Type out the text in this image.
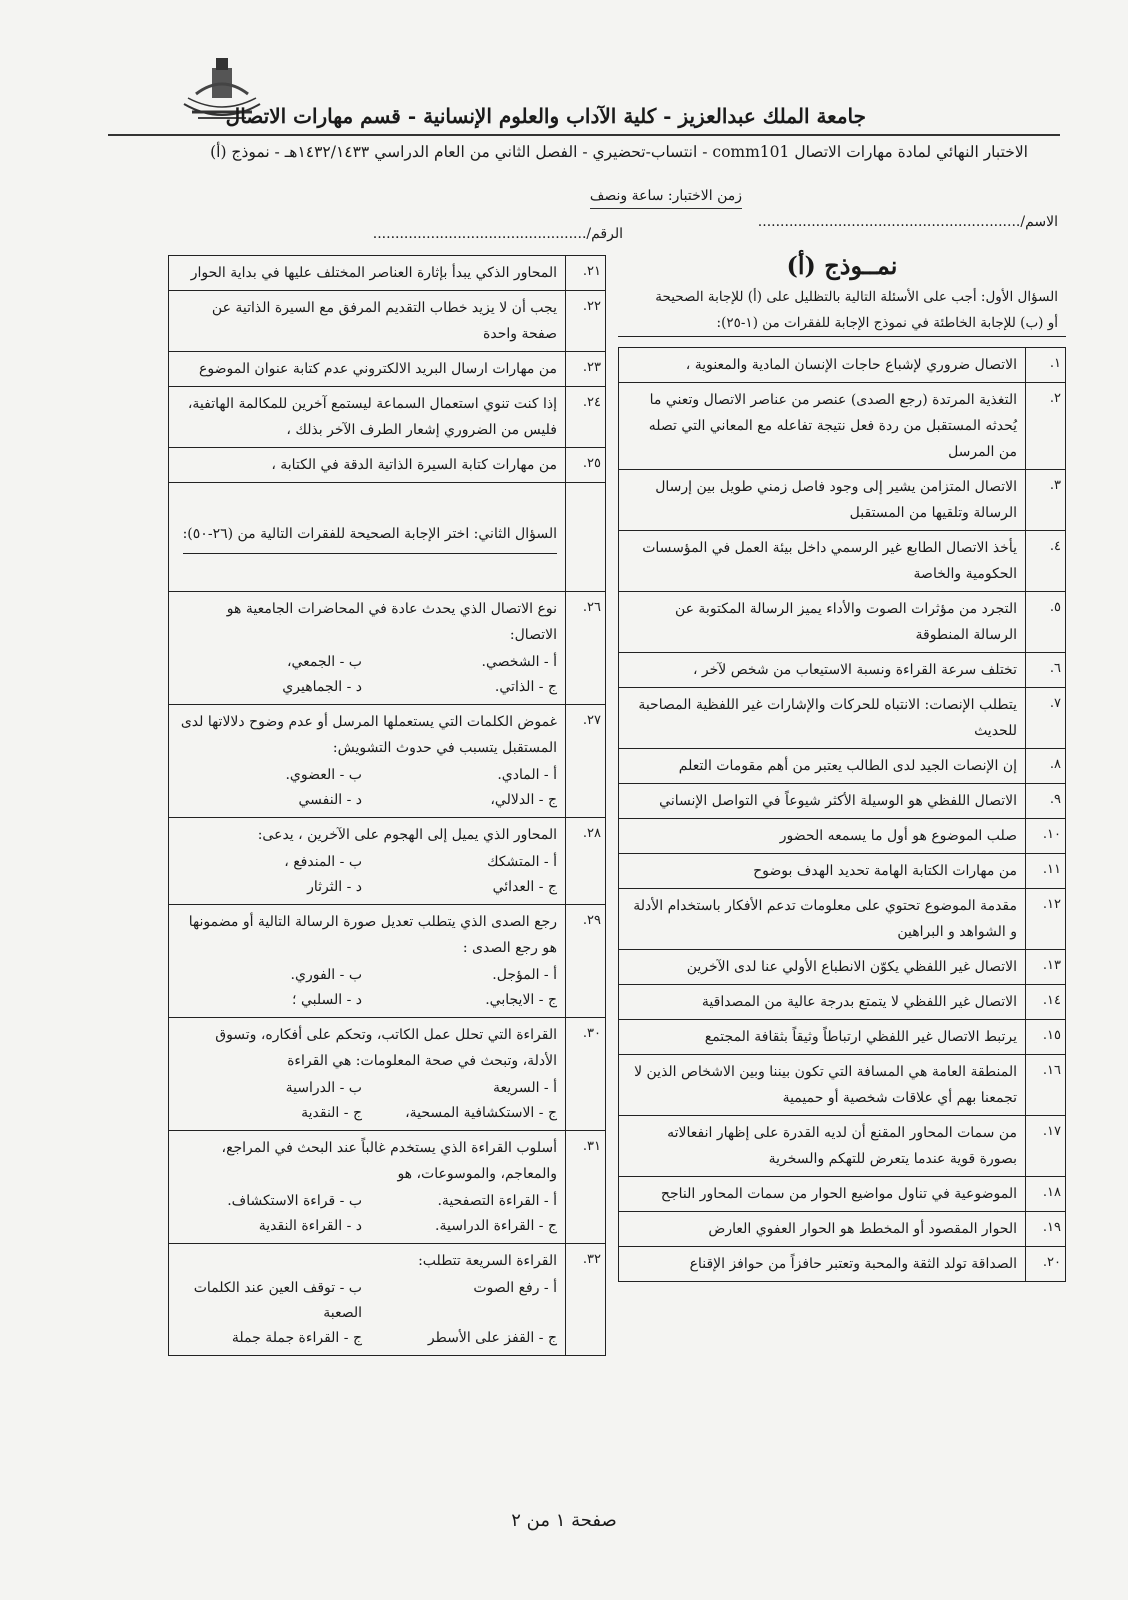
جامعة الملك عبدالعزيز - كلية الآداب والعلوم الإنسانية - قسم مهارات الاتصال
الاختبار النهائي لمادة مهارات الاتصال comm101 - انتساب-تحضيري - الفصل الثاني من العام الدراسي ١٤٣٢/١٤٣٣هـ - نموذج (أ)
زمن الاختبار: ساعة ونصف
الاسم/...........................................................
الرقم/................................................
نمــوذج (أ)

السؤال الأول: أجب على الأسئلة التالية بالتظليل على (أ) للإجابة الصحيحة

أو (ب) للإجابة الخاطئة في نموذج الإجابة للفقرات من (١-٢٥):

١.
الاتصال ضروري لإشباع حاجات الإنسان المادية والمعنوية ،
٢.
التغذية المرتدة (رجع الصدى) عنصر من عناصر الاتصال وتعني ما يُحدثه المستقبل من ردة فعل نتيجة تفاعله مع المعاني التي تصله من المرسل
٣.
الاتصال المتزامن يشير إلى وجود فاصل زمني طويل بين إرسال الرسالة وتلقيها من المستقبل
٤.
يأخذ الاتصال الطابع غير الرسمي داخل بيئة العمل في المؤسسات الحكومية والخاصة
٥.
التجرد من مؤثرات الصوت والأداء يميز الرسالة المكتوبة عن الرسالة المنطوقة
٦.
تختلف سرعة القراءة ونسبة الاستيعاب من شخص لآخر ،
٧.
يتطلب الإنصات: الانتباه للحركات والإشارات غير اللفظية المصاحبة للحديث
٨.
إن الإنصات الجيد لدى الطالب يعتبر من أهم مقومات التعلم
٩.
الاتصال اللفظي هو الوسيلة الأكثر شيوعاً في التواصل الإنساني
١٠.
صلب الموضوع هو أول ما يسمعه الحضور
١١.
من مهارات الكتابة الهامة تحديد الهدف بوضوح
١٢.
مقدمة الموضوع تحتوي على معلومات تدعم الأفكار باستخدام الأدلة و الشواهد و البراهين
١٣.
الاتصال غير اللفظي يكوّن الانطباع الأولي عنا لدى الآخرين
١٤.
الاتصال غير اللفظي لا يتمتع بدرجة عالية من المصداقية
١٥.
يرتبط الاتصال غير اللفظي ارتباطاً وثيقاً بثقافة المجتمع
١٦.
المنطقة العامة هي المسافة التي تكون بيننا وبين الاشخاص الذين لا تجمعنا بهم أي علاقات شخصية أو حميمية
١٧.
من سمات المحاور المقنع أن لديه القدرة على إظهار انفعالاته بصورة قوية عندما يتعرض للتهكم والسخرية
١٨.
الموضوعية في تناول مواضيع الحوار من سمات المحاور الناجح
١٩.
الحوار المقصود أو المخطط هو الحوار العفوي العارض
٢٠.
الصداقة تولد الثقة والمحبة وتعتبر حافزاً من حوافز الإقناع
٢١.
المحاور الذكي يبدأ بإثارة العناصر المختلف عليها في بداية الحوار
٢٢.
يجب أن لا يزيد خطاب التقديم المرفق مع السيرة الذاتية عن صفحة واحدة
٢٣.
من مهارات ارسال البريد الالكتروني عدم كتابة عنوان الموضوع
٢٤.
إذا كنت تنوي استعمال السماعة ليستمع آخرين للمكالمة الهاتفية، فليس من الضروري إشعار الطرف الآخر بذلك ،
٢٥.
من مهارات كتابة السيرة الذاتية الدقة في الكتابة ،
السؤال الثاني: اختر الإجابة الصحيحة للفقرات التالية من (٢٦-٥٠):
٢٦.
نوع الاتصال الذي يحدث عادة في المحاضرات الجامعية هو الاتصال:
أ - الشخصي.
ب - الجمعي،
ج - الذاتي.
د - الجماهيري
٢٧.
غموض الكلمات التي يستعملها المرسل أو عدم وضوح دلالاتها لدى المستقبل يتسبب في حدوث التشويش:
أ - المادي.
ب - العضوي.
ج - الدلالي،
د - النفسي
٢٨.
المحاور الذي يميل إلى الهجوم على الآخرين ، يدعى:
أ - المتشكك
ب - المندفع ،
ج - العدائي
د - الثرثار
٢٩.
رجع الصدى الذي يتطلب تعديل صورة الرسالة التالية أو مضمونها هو رجع الصدى :
أ - المؤجل.
ب - الفوري.
ج - الايجابي.
د - السلبي ؛
٣٠.
القراءة التي تحلل عمل الكاتب، وتحكم على أفكاره، وتسوق الأدلة، وتبحث في صحة المعلومات: هي القراءة
أ - السريعة
ب - الدراسية
ج - الاستكشافية المسحية،
ج - النقدية
٣١.
أسلوب القراءة الذي يستخدم غالباً عند البحث في المراجع، والمعاجم، والموسوعات، هو
أ - القراءة التصفحية.
ب - قراءة الاستكشاف.
ج - القراءة الدراسية.
د - القراءة النقدية
٣٢.
القراءة السريعة تتطلب:
أ - رفع الصوت
ب - توقف العين عند الكلمات الصعبة
ج - القفز على الأسطر
ج - القراءة جملة جملة
صفحة ١ من ٢
